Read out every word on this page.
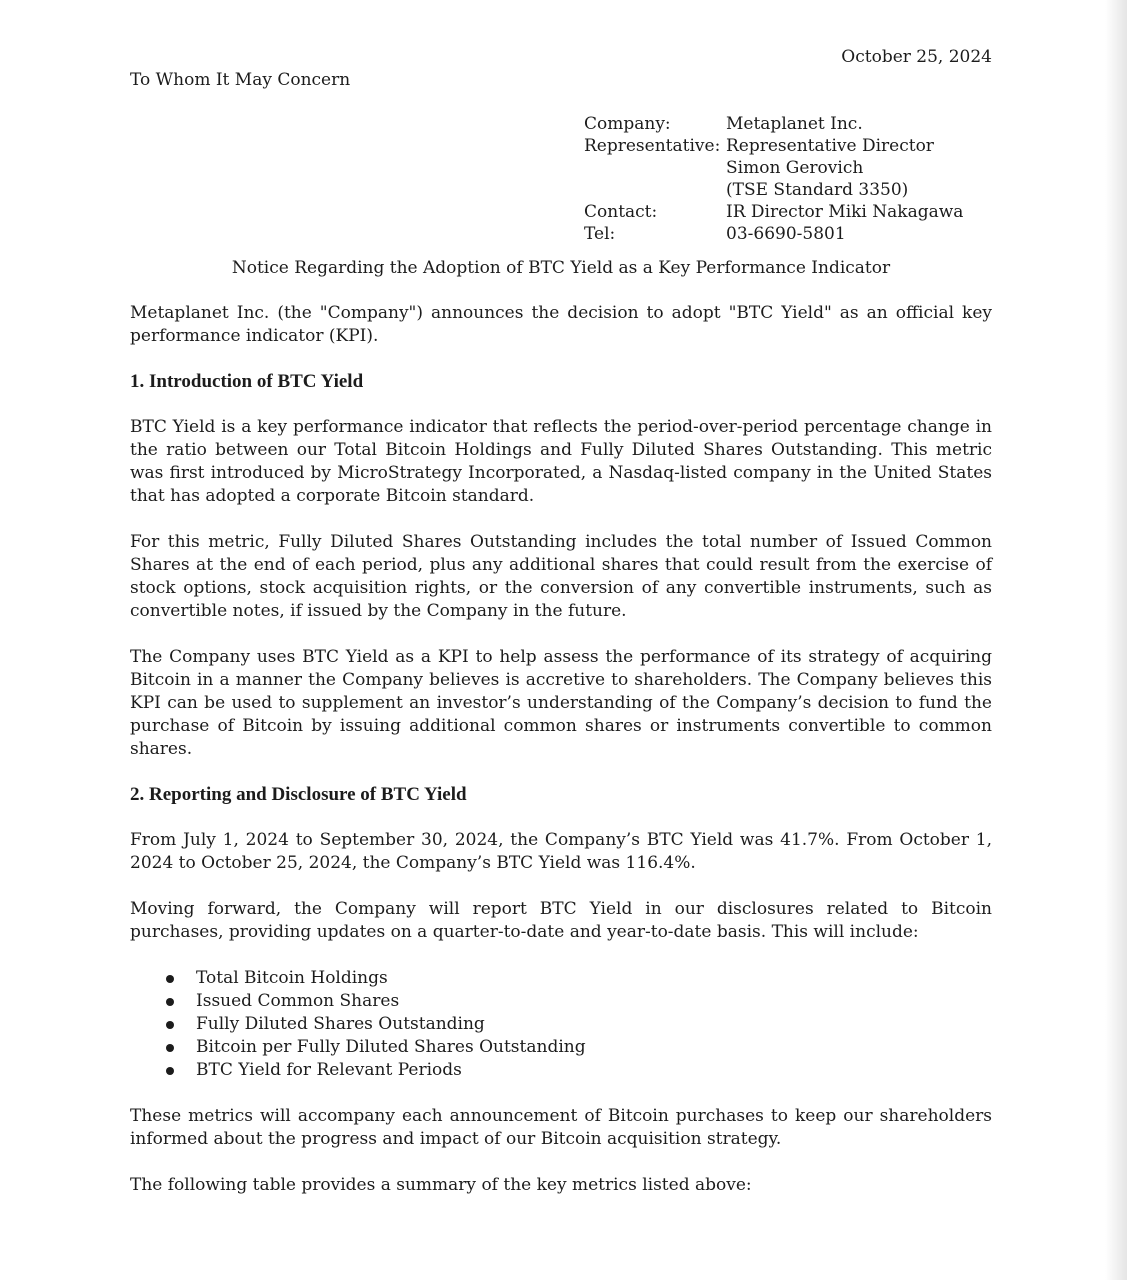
October 25, 2024
To Whom It May Concern
Company:	Metaplanet Inc.
Representative: Representative Director
Simon Gerovich
(TSE Standard 3350)
Contact:	IR Director Miki Nakagawa
Tel:	03-6690-5801
Notice Regarding the Adoption of BTC Yield as a Key Performance Indicator

Metaplanet Inc. (the "Company") announces the decision to adopt "BTC Yield" as an official key performance indicator (KPI).

1. Introduction of BTC Yield

BTC Yield is a key performance indicator that reflects the period-over-period percentage change in the ratio between our Total Bitcoin Holdings and Fully Diluted Shares Outstanding. This metric was first introduced by MicroStrategy Incorporated, a Nasdaq-listed company in the United States that has adopted a corporate Bitcoin standard.

For this metric, Fully Diluted Shares Outstanding includes the total number of Issued Common Shares at the end of each period, plus any additional shares that could result from the exercise of stock options, stock acquisition rights, or the conversion of any convertible instruments, such as convertible notes, if issued by the Company in the future.

The Company uses BTC Yield as a KPI to help assess the performance of its strategy of acquiring Bitcoin in a manner the Company believes is accretive to shareholders. The Company believes this KPI can be used to supplement an investor’s understanding of the Company’s decision to fund the purchase of Bitcoin by issuing additional common shares or instruments convertible to common shares.

2. Reporting and Disclosure of BTC Yield

From July 1, 2024 to September 30, 2024, the Company’s BTC Yield was 41.7%. From October 1, 2024 to October 25, 2024, the Company’s BTC Yield was 116.4%.

Moving forward, the Company will report BTC Yield in our disclosures related to Bitcoin purchases, providing updates on a quarter-to-date and year-to-date basis. This will include:

Total Bitcoin Holdings
Issued Common Shares
Fully Diluted Shares Outstanding
Bitcoin per Fully Diluted Shares Outstanding
BTC Yield for Relevant Periods

These metrics will accompany each announcement of Bitcoin purchases to keep our shareholders informed about the progress and impact of our Bitcoin acquisition strategy.

The following table provides a summary of the key metrics listed above:
